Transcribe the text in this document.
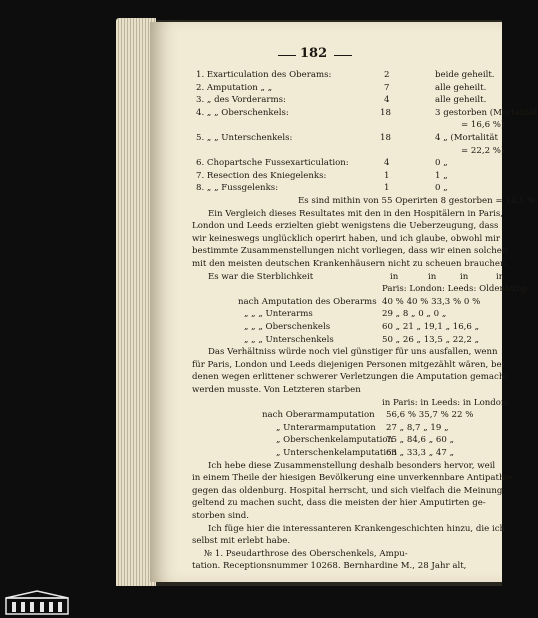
182
1. Exarticulation des Oberams:	2	beide geheilt.
2. Amputation „ „	7	alle geheilt.
3. „ des Vorderarms:	4	alle geheilt.
4. „ „ Oberschenkels:	18	3 gestorben (Mortalität
= 16,6 %).
5. „ „ Unterschenkels:	18	4 „ (Mortalität
= 22,2 %).
6. Chopartsche Fussexarticulation:	4	0 „
7. Resection des Kniegelenks:	1	1 „
8. „ „ Fussgelenks:	1	0 „
Es sind mithin von 55 Operirten 8 gestorben = 14,5 %.
Ein Vergleich dieses Resultates mit den in den Hospitälern in Paris,
London und Leeds erzielten giebt wenigstens die Ueberzeugung, dass
wir keineswegs unglücklich operirt haben, und ich glaube, obwohl mir
bestimmte Zusammenstellungen nicht vorliegen, dass wir einen solchen
mit den meisten deutschen Krankenhäusern nicht zu scheuen brauchen.
Es war die Sterblichkeit	in	in	in	in
Paris: London: Leeds: Oldenburg:
nach Amputation des Oberarms 40 % 40 % 33,3 % 0 %
„ „ „ Unterarms	29 „ 8 „ 0 „ 0 „
„ „ „ Oberschenkels	60 „ 21 „ 19,1 „ 16,6 „
„ „ „ Unterschenkels	50 „ 26 „ 13,5 „ 22,2 „
Das Verhältniss würde noch viel günstiger für uns ausfallen, wenn
für Paris, London und Leeds diejenigen Personen mitgezählt wären, bei
denen wegen erlittener schwerer Verletzungen die Amputation gemacht
werden musste. Von Letzteren starben
in Paris: in Leeds: in London:
nach Oberarmamputation 56,6 % 35,7 % 22 %
„ Unterarmamputation 27 „ 8,7 „ 19 „
„ Oberschenkelamputation
75 „ 84,6 „ 60 „
„ Unterschenkelamputation
63 „ 33,3 „ 47 „
Ich hebe diese Zusammenstellung deshalb besonders hervor, weil
in einem Theile der hiesigen Bevölkerung eine unverkennbare Antipathie
gegen das oldenburg. Hospital herrscht, und sich vielfach die Meinung
geltend zu machen sucht, dass die meisten der hier Amputirten ge-
storben sind.
Ich füge hier die interessanteren Krankengeschichten hinzu, die ich
selbst mit erlebt habe.
№ 1. Pseudarthrose des Oberschenkels, Ampu-
tation. Receptionsnummer 10268. Bernhardine M., 28 Jahr alt,
